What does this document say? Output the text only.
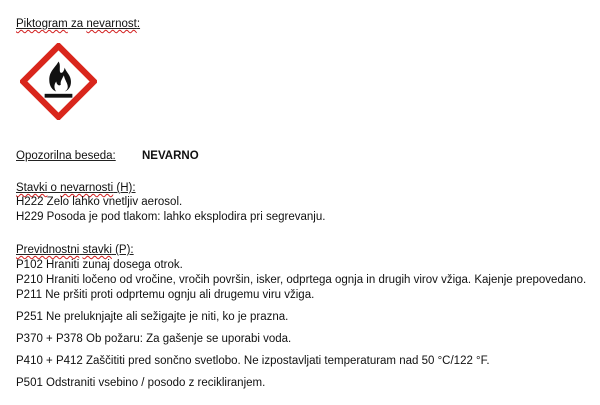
Piktogram za nevarnost:
Opozorilna beseda: NEVARNO
Stavki o nevarnosti (H):
H222 Zelo lahko vnetljiv aerosol.
H229 Posoda je pod tlakom: lahko eksplodira pri segrevanju.
Previdnostni stavki (P):
P102 Hraniti zunaj dosega otrok.
P210 Hraniti ločeno od vročine, vročih površin, isker, odprtega ognja in drugih virov vžiga. Kajenje prepovedano.
P211 Ne pršiti proti odprtemu ognju ali drugemu viru vžiga.
P251 Ne preluknjajte ali sežigajte je niti, ko je prazna.
P370 + P378 Ob požaru: Za gašenje se uporabi voda.
P410 + P412 Zaščititi pred sončno svetlobo. Ne izpostavljati temperaturam nad 50 °C/122 °F.
P501 Odstraniti vsebino / posodo z recikliranjem.
